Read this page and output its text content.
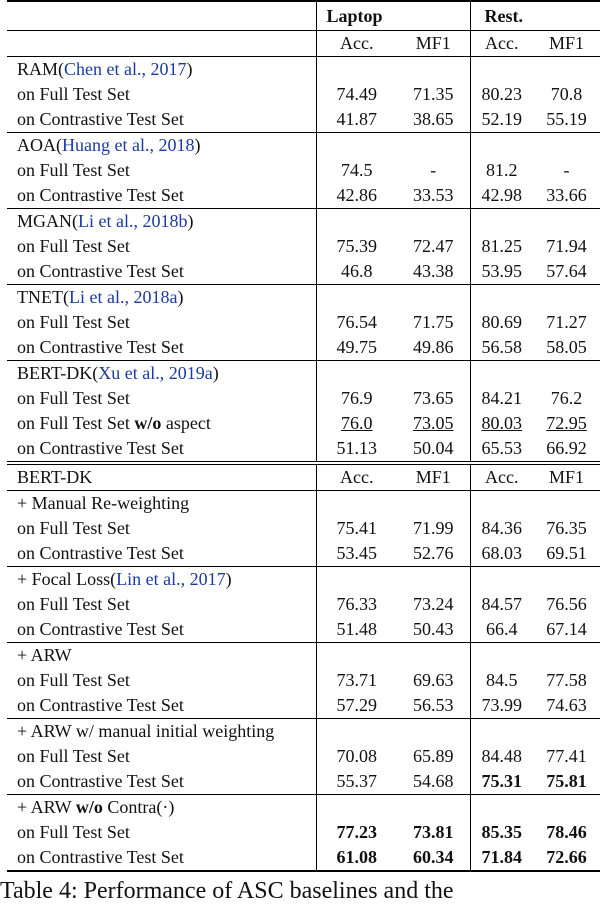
	Laptop		Rest.	
	Acc.	MF1	Acc.	MF1
RAM(Chen et al., 2017)				
on Full Test Set	74.49	71.35	80.23	70.8
on Contrastive Test Set	41.87	38.65	52.19	55.19
AOA(Huang et al., 2018)				
on Full Test Set	74.5	-	81.2	-
on Contrastive Test Set	42.86	33.53	42.98	33.66
MGAN(Li et al., 2018b)				
on Full Test Set	75.39	72.47	81.25	71.94
on Contrastive Test Set	46.8	43.38	53.95	57.64
TNET(Li et al., 2018a)				
on Full Test Set	76.54	71.75	80.69	71.27
on Contrastive Test Set	49.75	49.86	56.58	58.05
BERT-DK(Xu et al., 2019a)				
on Full Test Set	76.9	73.65	84.21	76.2
on Full Test Set w/o aspect	76.0	73.05	80.03	72.95
on Contrastive Test Set	51.13	50.04	65.53	66.92
BERT-DK	Acc.	MF1	Acc.	MF1
+ Manual Re-weighting				
on Full Test Set	75.41	71.99	84.36	76.35
on Contrastive Test Set	53.45	52.76	68.03	69.51
+ Focal Loss(Lin et al., 2017)				
on Full Test Set	76.33	73.24	84.57	76.56
on Contrastive Test Set	51.48	50.43	66.4	67.14
+ ARW				
on Full Test Set	73.71	69.63	84.5	77.58
on Contrastive Test Set	57.29	56.53	73.99	74.63
+ ARW w/ manual initial weighting				
on Full Test Set	70.08	65.89	84.48	77.41
on Contrastive Test Set	55.37	54.68	75.31	75.81
+ ARW w/o Contra(·)				
on Full Test Set	77.23	73.81	85.35	78.46
on Contrastive Test Set	61.08	60.34	71.84	72.66
Table 4: Performance of ASC baselines and the
